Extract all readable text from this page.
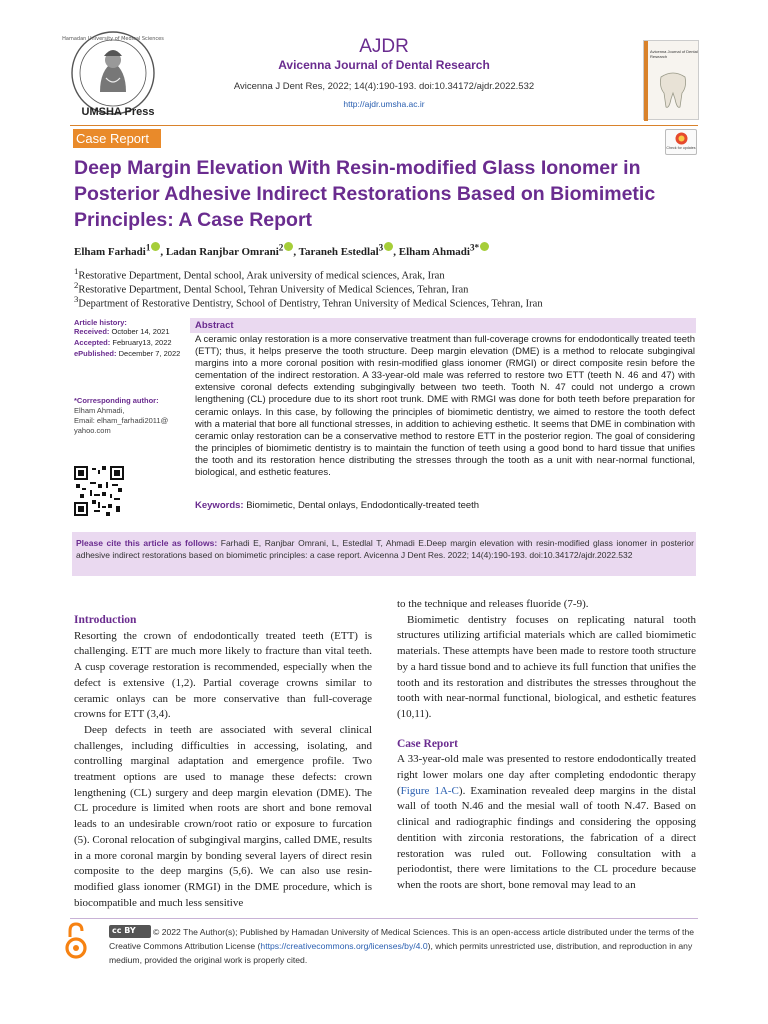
Hamadan University of Medical Sciences
UMSHA Press
AJDR
Avicenna Journal of Dental Research
Avicenna J Dent Res, 2022; 14(4):190-193. doi:10.34172/ajdr.2022.532
http://ajdr.umsha.ac.ir
Avicenna Journal of Dental Research
Case Report
Check for updates
Deep Margin Elevation With Resin-modified Glass Ionomer in Posterior Adhesive Indirect Restorations Based on Biomimetic Principles: A Case Report
Elham Farhadi$^1$ , Ladan Ranjbar Omrani$^2$ , Taraneh Estedlal$^3$ , Elham Ahmadi$^{3*}$
$^1$Restorative Department, Dental school, Arak university of medical sciences, Arak, Iran
$^2$Restorative Department, Dental School, Tehran University of Medical Sciences, Tehran, Iran
$^3$Department of Restorative Dentistry, School of Dentistry, Tehran University of Medical Sciences, Tehran, Iran
Article history:
Received: October 14, 2021
Accepted: February13, 2022
ePublished: December 7, 2022
*Corresponding author:
Elham Ahmadi,
Email: elham_farhadi2011@
yahoo.com
Abstract
A ceramic onlay restoration is a more conservative treatment than full-coverage crowns for endodontically treated teeth (ETT); thus, it helps preserve the tooth structure. Deep margin elevation (DME) is a method to relocate subgingival margins into a more coronal position with resin-modified glass ionomer (RMGI) or direct composite resin before the cementation of the indirect restoration. A 33-year-old male was referred to restore two ETT (teeth N. 46 and 47) with extensive coronal defects extending subgingivally between two teeth. Tooth N. 47 could not undergo a crown lengthening (CL) procedure due to its short root trunk. DME with RMGI was done for both teeth before preparation for ceramic onlays. In this case, by following the principles of biomimetic dentistry, we aimed to restore the tooth defect with a material that bore all functional stresses, in addition to achieving esthetic. It seems that DME in combination with ceramic onlay restoration can be a conservative method to restore ETT in the posterior region. The goal of considering the principles of biomimetic dentistry is to maintain the function of teeth using a good bond to hard tissue that unifies the tooth and its restoration hence distributing the stresses through the tooth as a unit with near-normal functional, biological, and esthetic features.
Keywords: Biomimetic, Dental onlays, Endodontically-treated teeth
Please cite this article as follows: Farhadi E, Ranjbar Omrani, L, Estedlal T, Ahmadi E.Deep margin elevation with resin-modified glass ionomer in posterior adhesive indirect restorations based on biomimetic principles: a case report. Avicenna J Dent Res. 2022; 14(4):190-193. doi:10.34172/ajdr.2022.532
Introduction

Resorting the crown of endodontically treated teeth (ETT) is challenging. ETT are much more likely to fracture than vital teeth. A cusp coverage restoration is recommended, especially when the defect is extensive (1,2). Partial coverage crowns similar to ceramic onlays can be more conservative than full-coverage crowns for ETT (3,4).

Deep defects in teeth are associated with several clinical challenges, including difficulties in accessing, isolating, and controlling marginal adaptation and emergence profile. Two treatment options are used to manage these defects: crown lengthening (CL) surgery and deep margin elevation (DME). The CL procedure is limited when roots are short and bone removal leads to an undesirable crown/root ratio or exposure to furcation (5). Coronal relocation of subgingival margins, called DME, results in a more coronal margin by bonding several layers of direct resin composite to the deep margins (5,6). We can also use resin-modified glass ionomer (RMGI) in the DME procedure, which is biocompatible and much less sensitive

to the technique and releases fluoride (7-9).

Biomimetic dentistry focuses on replicating natural tooth structures utilizing artificial materials which are called biomimetic materials. These attempts have been made to restore tooth structure by a hard tissue bond and to achieve its full function that unifies the tooth and its restoration and distributes the stresses throughout the tooth with near-normal functional, biological, and esthetic features (10,11).

Case Report

A 33-year-old male was presented to restore endodontically treated right lower molars one day after completing endodontic therapy (Figure 1A-C). Examination revealed deep margins in the distal wall of tooth N.46 and the mesial wall of tooth N.47. Based on clinical and radiographic findings and considering the opposing dentition with zirconia restorations, the fabrication of a direct restoration was ruled out. Following consultation with a periodontist, there were limitations to the CL procedure because when the roots are short, bone removal may lead to an

cc BY	© 2022 The Author(s); Published by Hamadan University of Medical Sciences. This is an open-access article distributed under the terms of the Creative Commons Attribution License (https://creativecommons.org/licenses/by/4.0), which permits unrestricted use, distribution, and reproduction in any medium, provided the original work is properly cited.
